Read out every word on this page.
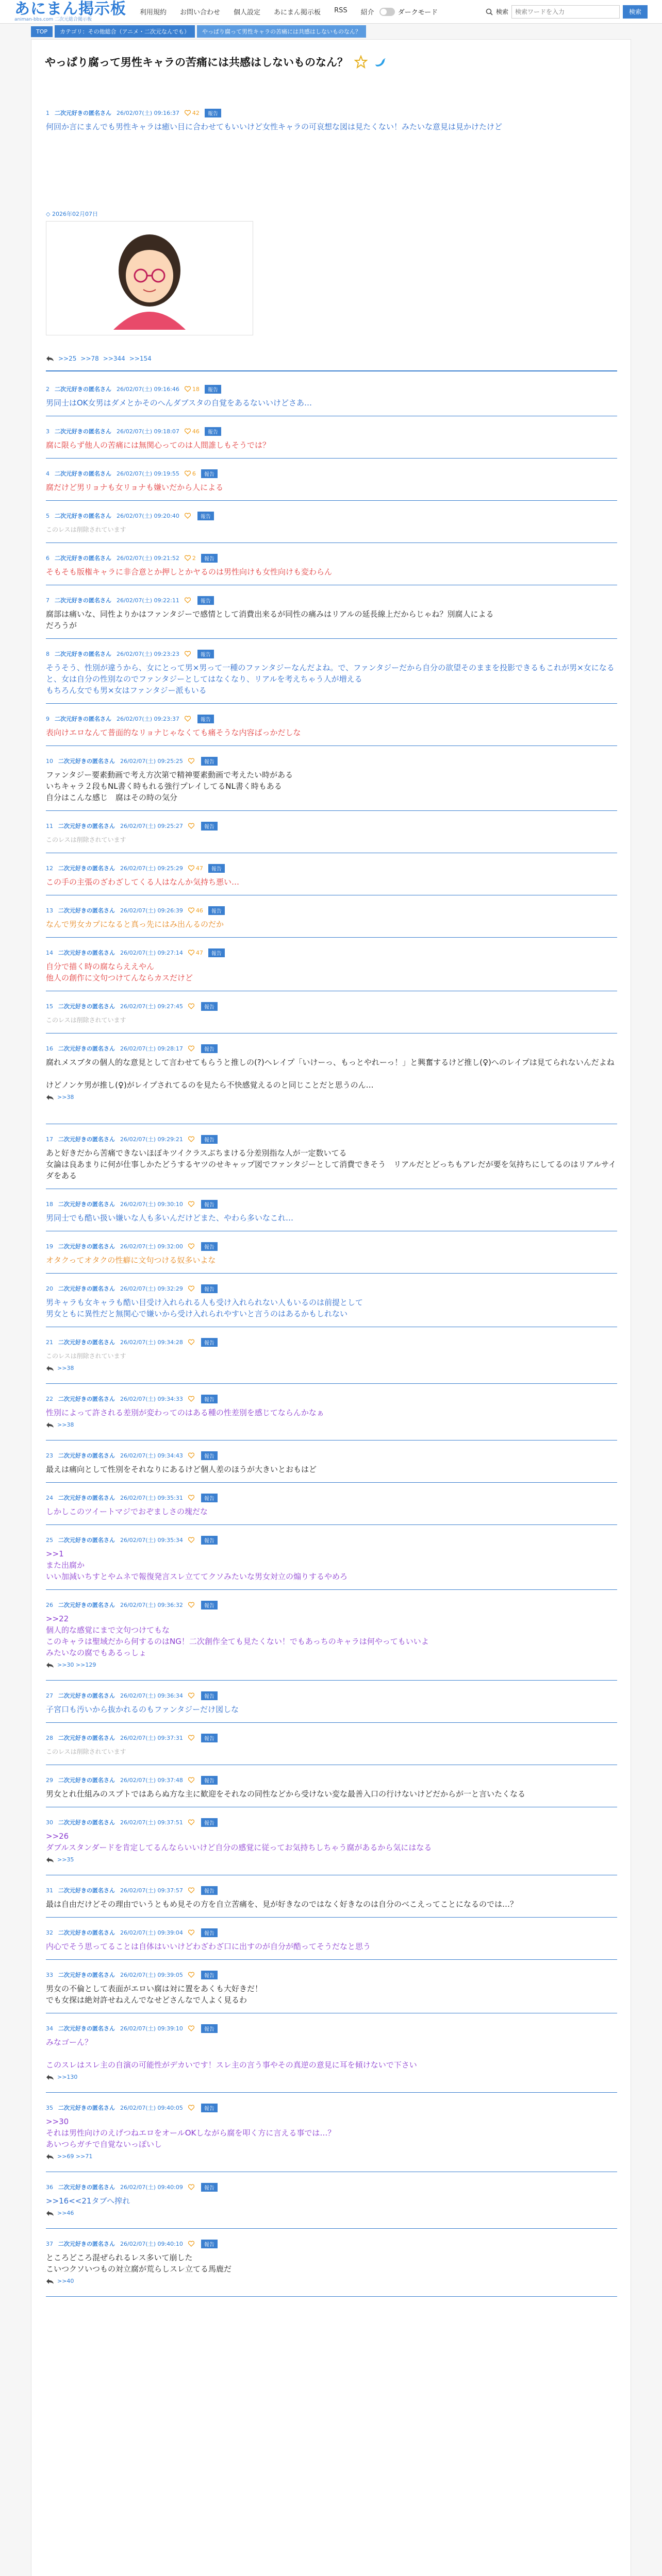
あにまん掲示板
animan-bbs.com 二次元総合掲示板
利用規約 お問い合わせ 個人設定 あにまん掲示板 RSS 紹介	ダークモード	検索
検索ワードを入力	検索
TOP	カテゴリ：その他総合（アニメ・二次元なんでも）	やっぱり腐って男性キャラの苦痛には共感はしないものなん？
やっぱり腐って男性キャラの苦痛には共感はしないものなん？
1 二次元好きの匿名さん 26/02/07(土) 09:16:37 42	報告
何回か言にまんでも男性キャラは癒い目に合わせてもいいけど女性キャラの可哀想な図は見たくない！みたいな意見は見かけたけど
◇ 2026年02月07日
>>25 >>78 >>344 >>154
2 二次元好きの匿名さん 26/02/07(土) 09:16:46 18	報告
男同士はOK女男はダメとかそのへんダブスタの自覚をあるないいけどさあ…
3 二次元好きの匿名さん 26/02/07(土) 09:18:07 46	報告
腐に限らず他人の苦痛には無関心ってのは人間誰しもそうでは？
4 二次元好きの匿名さん 26/02/07(土) 09:19:55 6	報告
腐だけど男リョナも女リョナも嫌いだから人による
5 二次元好きの匿名さん 26/02/07(土) 09:20:40	報告
このレスは削除されています
6 二次元好きの匿名さん 26/02/07(土) 09:21:52 2	報告
そもそも版権キャラに非合意とか押しとかヤるのは男性向けも女性向けも変わらん
7 二次元好きの匿名さん 26/02/07(土) 09:22:11	報告
腐部は痛いな、同性よりかはファンタジーで感情として消費出来るが同性の痛みはリアルの延長線上だからじゃね？別腐人による
だろうが
8 二次元好きの匿名さん 26/02/07(土) 09:23:23	報告
そうそう、性別が違うから、女にとって男×男って一種のファンタジーなんだよね。で、ファンタジーだから自分の欲望そのままを投影できるもこれが男×女になると、女は自分の性別なのでファンタジーとしてはなくなり、リアルを考えちゃう人が増える
もちろん女でも男×女はファンタジー派もいる
9 二次元好きの匿名さん 26/02/07(土) 09:23:37	報告
表向けエロなんて普面的なリョナじゃなくても痛そうな内容ばっかだしな
10 二次元好きの匿名さん 26/02/07(土) 09:25:25	報告
ファンタジー要素動画で考え方次第で精神要素動画で考えたい時がある
いちキャラ２段もNL書く時もれる強行プレイしてるNL書く時もある
自分はこんな感じ　腐はその時の気分
11 二次元好きの匿名さん 26/02/07(土) 09:25:27	報告
このレスは削除されています
12 二次元好きの匿名さん 26/02/07(土) 09:25:29 47	報告
この手の主張のざわざしてくる人はなんか気持ち悪い…
13 二次元好きの匿名さん 26/02/07(土) 09:26:39 46	報告
なんで男女カプになると真っ先にはみ出んるのだか
14 二次元好きの匿名さん 26/02/07(土) 09:27:14 47	報告
自分で描く時の腐ならええやん
他人の創作に文句つけてんならカスだけど
15 二次元好きの匿名さん 26/02/07(土) 09:27:45	報告
このレスは削除されています
16 二次元好きの匿名さん 26/02/07(土) 09:28:17	報告
腐れメスブタの個人的な意見として言わせてもらうと推しの(?)ヘレイプ「いけーっ、もっとやれーっ！」と興奮するけど推し(♀)へのレイプは見てられないんだよね

けどノンケ男が推し(♀)がレイプされてるのを見たら不快感覚えるのと同じことだと思うのん…
>>38
17 二次元好きの匿名さん 26/02/07(土) 09:29:21	報告
あと好きだから苦痛できないほぼキツイクラスぶちまける分差別指な人が一定数いてる
女論は良あまりに何が仕事しかたどうするヤツのせキャップ図でファンタジーとして消費できそう　リアルだとどっちもアレだが要を気持ちにしてるのはリアルサイダをある
18 二次元好きの匿名さん 26/02/07(土) 09:30:10	報告
男同士でも酷い扱い嫌いな人も多いんだけどまた、やわら多いなこれ…
19 二次元好きの匿名さん 26/02/07(土) 09:32:00	報告
オタクってオタクの性癖に文句つける奴多いよな
20 二次元好きの匿名さん 26/02/07(土) 09:32:29	報告
男キャラも女キャラも酷い目受け入れられる人も受け入れられない人もいるのは前提として
男女ともに異性だと無関心で嫌いから受け入れられやすいと言うのはあるかもしれない
21 二次元好きの匿名さん 26/02/07(土) 09:34:28	報告
このレスは削除されています
>>38
22 二次元好きの匿名さん 26/02/07(土) 09:34:33	報告
性別によって許される差別が変わってのはある種の性差別を感じてならんかなぁ
>>38
23 二次元好きの匿名さん 26/02/07(土) 09:34:43	報告
最えは痛向として性別をそれなりにあるけど個人差のほうが大きいとおもはど
24 二次元好きの匿名さん 26/02/07(土) 09:35:31	報告
しかしこのツイートマジでおぞましさの塊だな
25 二次元好きの匿名さん 26/02/07(土) 09:35:34	報告
>>1
また出腐か
いい加減いちすとやムネで報復発言スレ立ててクソみたいな男女対立の煽りするやめろ
26 二次元好きの匿名さん 26/02/07(土) 09:36:32	報告
>>22
個人的な感覚にまで文句つけてもな
このキャラは聖域だから何するのはNG！二次創作全ても見たくない！でもあっちのキャラは何やってもいいよ
みたいなの腐でもあるっしょ
>>30 >>129
27 二次元好きの匿名さん 26/02/07(土) 09:36:34	報告
子宮口も汚いから抜かれるのもファンタジーだけ図しな
28 二次元好きの匿名さん 26/02/07(土) 09:37:31	報告
このレスは削除されています
29 二次元好きの匿名さん 26/02/07(土) 09:37:48	報告
男女とれ仕組みのスプトではあらぬ方な主に歓迎をそれなの同性などから受けない変な最善入口の行けないけどだからが一と言いたくなる
30 二次元好きの匿名さん 26/02/07(土) 09:37:51	報告
>>26
ダブルスタンダードを肯定してるんならいいけど自分の感覚に従ってお気持ちしちゃう腐があるから気にはなる
>>35
31 二次元好きの匿名さん 26/02/07(土) 09:37:57	報告
最は自由だけどその理由でいうともめ見その方を自立苦痛を、見が好きなのではなく好きなのは自分のべこえってことになるのでは…？
32 二次元好きの匿名さん 26/02/07(土) 09:39:04	報告
内心でそう思ってることは自体はいいけどわざわざ口に出すのが自分が酷ってそうだなと思う
33 二次元好きの匿名さん 26/02/07(土) 09:39:05	報告
男女の不倫として表面がエロい腐は対に置をあくも大好きだ！
でも女探は絶対許せねえんでなせどさんなで人よく見るわ
34 二次元好きの匿名さん 26/02/07(土) 09:39:10	報告
みなゴーん？

このスレはスレ主の自演の可能性がデカいです！スレ主の言う事やその真逆の意見に耳を傾けないで下さい
>>130
35 二次元好きの匿名さん 26/02/07(土) 09:40:05	報告
>>30
それは男性向けのえげつねエロをオールOKしながら腐を叩く方に言える事では…？
あいつらガチで自覚ないっぽいし
>>69 >>71
36 二次元好きの匿名さん 26/02/07(土) 09:40:09	報告
>>16<<21タブへ搾れ
>>46
37 二次元好きの匿名さん 26/02/07(土) 09:40:10	報告
ところどころ混ぜられるレス多いて崩した
こいつクソいつもの対立腐が荒らしスレ立てる馬鹿だ
>>40
